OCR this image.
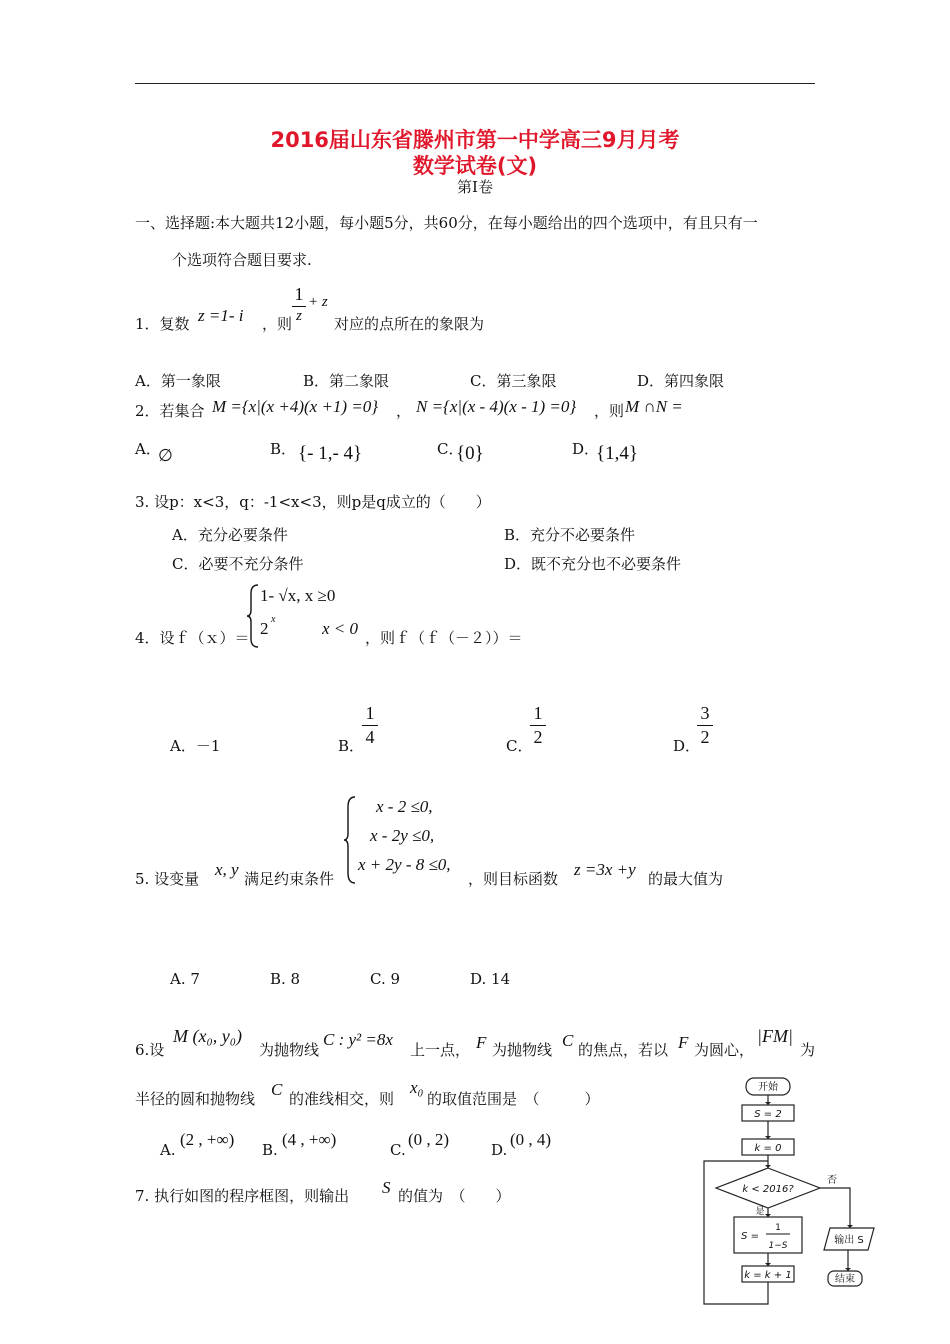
2016届山东省滕州市第一中学高三9月月考
数学试卷(文)
第Ⅰ卷
一、选择题:本大题共12小题，每小题5分，共60分，在每小题给出的四个选项中，有且只有一
个选项符合题目要求.
1．复数 z =1- i ，则
1
z
+ z
对应的点所在的象限为
A．第一象限	B．第二象限	C．第三象限	D．第四象限
2．若集合 M ={x|(x +4)(x +1) =0} ， N ={x|(x - 4)(x - 1) =0} ，则 M ∩N =
A．
∅	B． {- 1,- 4}	C．
{0}	D．
{1,4}
3. 设p：x<3，q：-1<x<3，则p是q成立的（　　）
A．充分必要条件	B．充分不必要条件
C．必要不充分条件	D．既不充分也不必要条件
4．设ｆ（ｘ）＝
1- √x, x ≥0
2 x	x < 0 ，则ｆ（ｆ（－２））＝
A．－1	B．
1
4	C．
1
2	D．
3
2
5. 设变量 x, y 满足约束条件
x - 2 ≤0,
x - 2y ≤0,
x + 2y - 8 ≤0,
，则目标函数 z =3x +y 的最大值为
A. 7	B. 8	C. 9	D. 14
6.设
M (x₀, y₀)
为抛物线
C : y² =8x
上一点， F 为抛物线 C 的焦点，若以 F 为圆心，
|FM|
为
半径的圆和抛物线 C 的准线相交，则
x₀
的取值范围是　（　　　）
A.
(2 , +∞)
B.
(4 , +∞)
C.
(0 , 2)
D.
(0 , 4)
7. 执行如图的程序框图，则输出 S 的值为　（　　）
开始
S = 2
k = 0
k < 2016?
否
是
S =
1
1−S
k = k + 1
输出 S
结束
